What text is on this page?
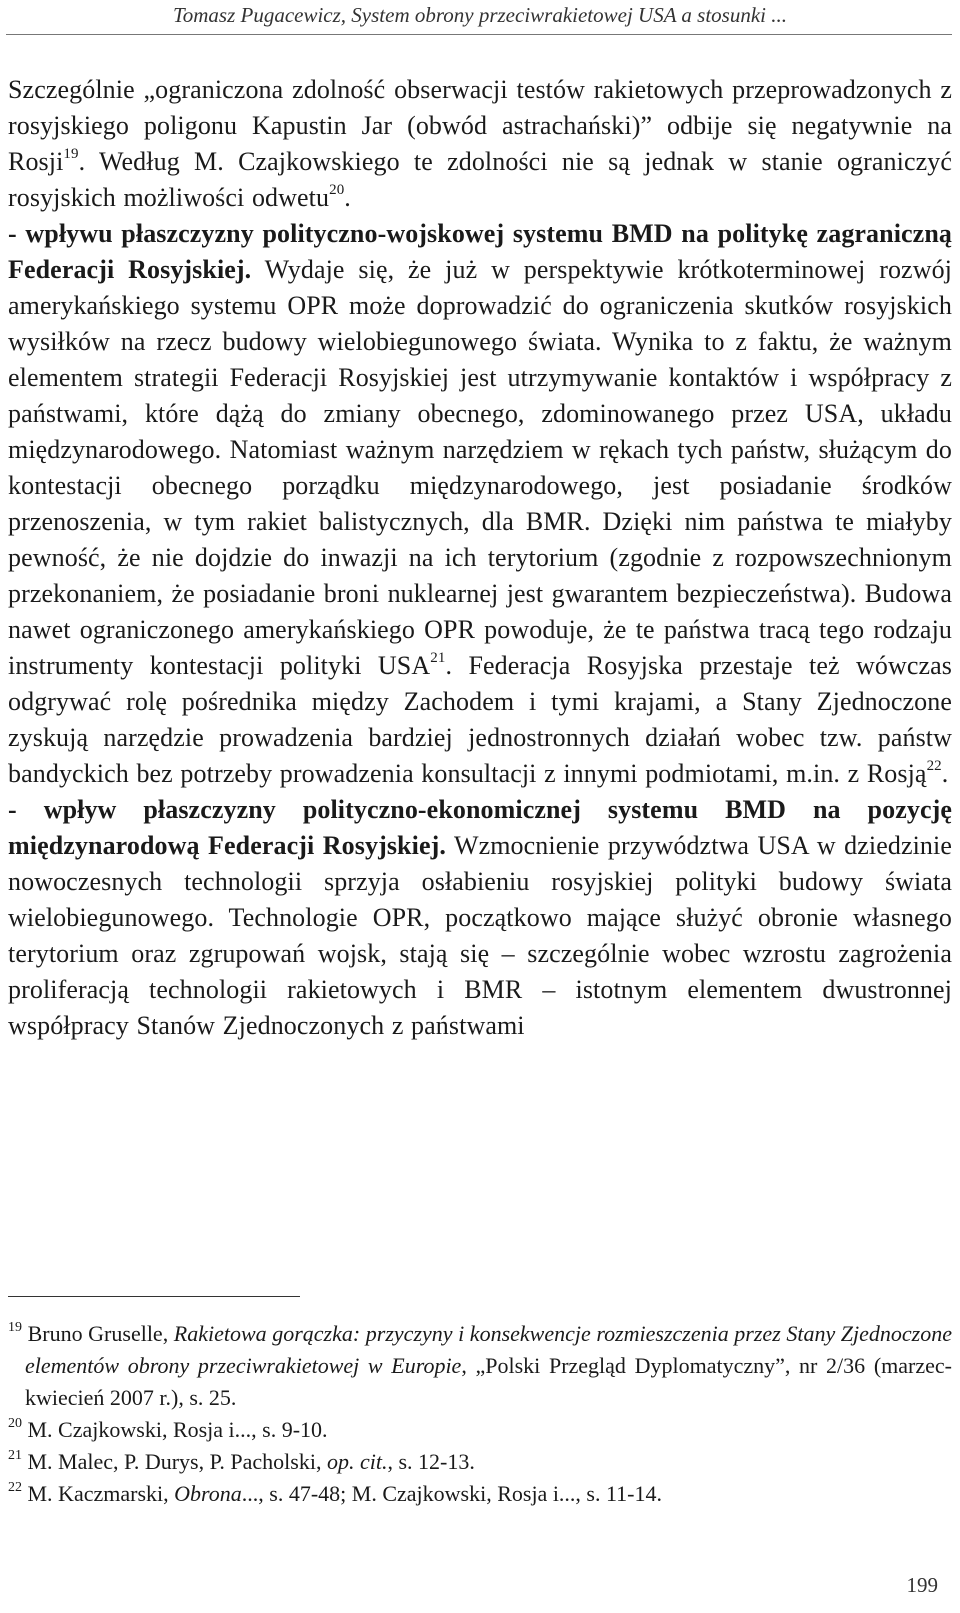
Tomasz Pugacewicz, System obrony przeciwrakietowej USA a stosunki ...

Szczególnie „ograniczona zdolność obserwacji testów rakietowych przeprowadzonych z rosyjskiego poligonu Kapustin Jar (obwód astrachański)” odbije się negatywnie na Rosji$^{19}$. Według M. Czajkowskiego te zdolności nie są jednak w stanie ograniczyć rosyjskich możliwości odwetu$^{20}$.

- wpływu płaszczyzny polityczno-wojskowej systemu BMD na politykę zagraniczną Federacji Rosyjskiej. Wydaje się, że już w perspektywie krótkoterminowej rozwój amerykańskiego systemu OPR może doprowadzić do ograniczenia skutków rosyjskich wysiłków na rzecz budowy wielobiegunowego świata. Wynika to z faktu, że ważnym elementem strategii Federacji Rosyjskiej jest utrzymywanie kontaktów i współpracy z państwami, które dążą do zmiany obecnego, zdominowanego przez USA, układu międzynarodowego. Natomiast ważnym narzędziem w rękach tych państw, służącym do kontestacji obecnego porządku międzynarodowego, jest posiadanie środków przenoszenia, w tym rakiet balistycznych, dla BMR. Dzięki nim państwa te miałyby pewność, że nie dojdzie do inwazji na ich terytorium (zgodnie z rozpowszechnionym przekonaniem, że posiadanie broni nuklearnej jest gwarantem bezpieczeństwa). Budowa nawet ograniczonego amerykańskiego OPR powoduje, że te państwa tracą tego rodzaju instrumenty kontestacji polityki USA$^{21}$. Federacja Rosyjska przestaje też wówczas odgrywać rolę pośrednika między Zachodem i tymi krajami, a Stany Zjednoczone zyskują narzędzie prowadzenia bardziej jednostronnych działań wobec tzw. państw bandyckich bez potrzeby prowadzenia konsultacji z innymi podmiotami, m.in. z Rosją$^{22}$.

- wpływ płaszczyzny polityczno-ekonomicznej systemu BMD na pozycję międzynarodową Federacji Rosyjskiej. Wzmocnienie przywództwa USA w dziedzinie nowoczesnych technologii sprzyja osłabieniu rosyjskiej polityki budowy świata wielobiegunowego. Technologie OPR, początkowo mające służyć obronie własnego terytorium oraz zgrupowań wojsk, stają się – szczególnie wobec wzrostu zagrożenia proliferacją technologii rakietowych i BMR – istotnym elementem dwustronnej współpracy Stanów Zjednoczonych z państwami

$^{19}$ Bruno Gruselle, Rakietowa gorączka: przyczyny i konsekwencje rozmieszczenia przez Stany Zjednoczone elementów obrony przeciwrakietowej w Europie, „Polski Przegląd Dyplomatyczny”, nr 2/36 (marzec-kwiecień 2007 r.), s. 25.

$^{20}$ M. Czajkowski, Rosja i..., s. 9-10.

$^{21}$ M. Malec, P. Durys, P. Pacholski, op. cit., s. 12-13.

$^{22}$ M. Kaczmarski, Obrona..., s. 47-48; M. Czajkowski, Rosja i..., s. 11-14.

199
